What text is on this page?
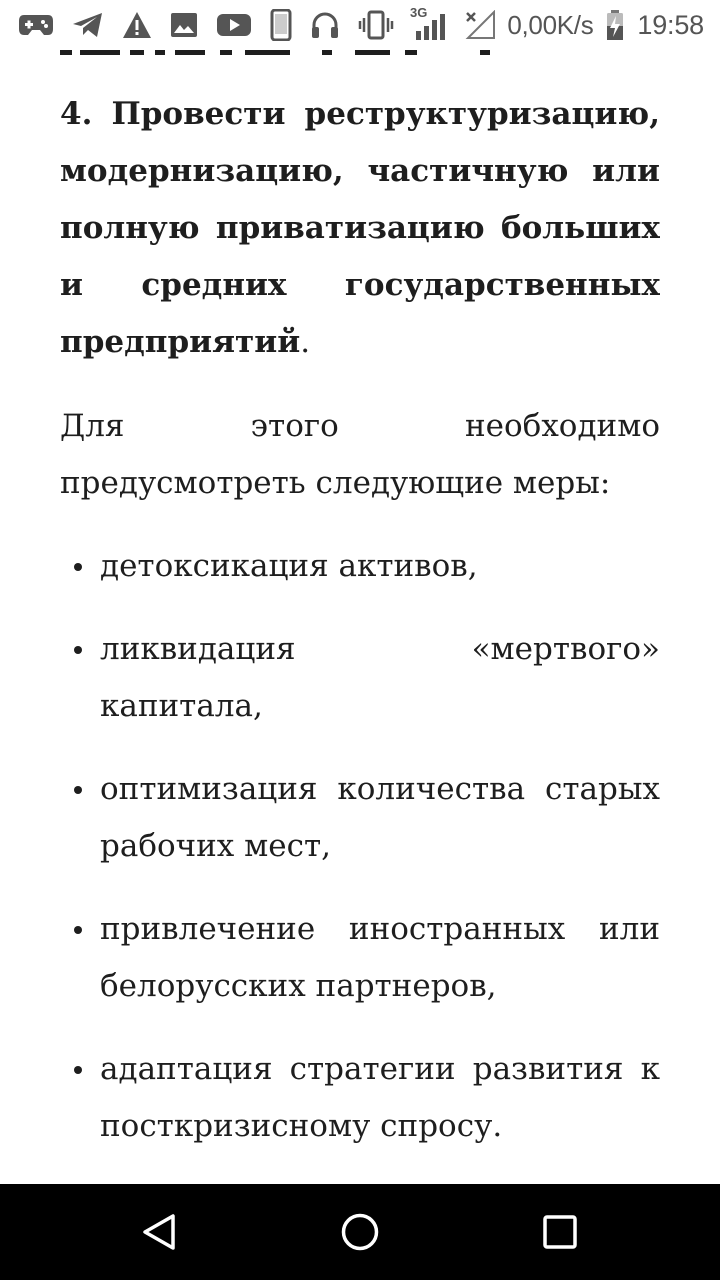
3G	0,00K/s 19:58

4. Провести реструктуризацию, модернизацию, частичную или полную приватизацию больших и средних государственных предприятий.

Для этого необходимо предусмотреть следующие меры:

детоксикация активов,
ликвидация «мертвого» капитала,
оптимизация количества старых рабочих мест,
привлечение иностранных или белорусских партнеров,
адаптация стратегии развития к посткризисному спросу.
